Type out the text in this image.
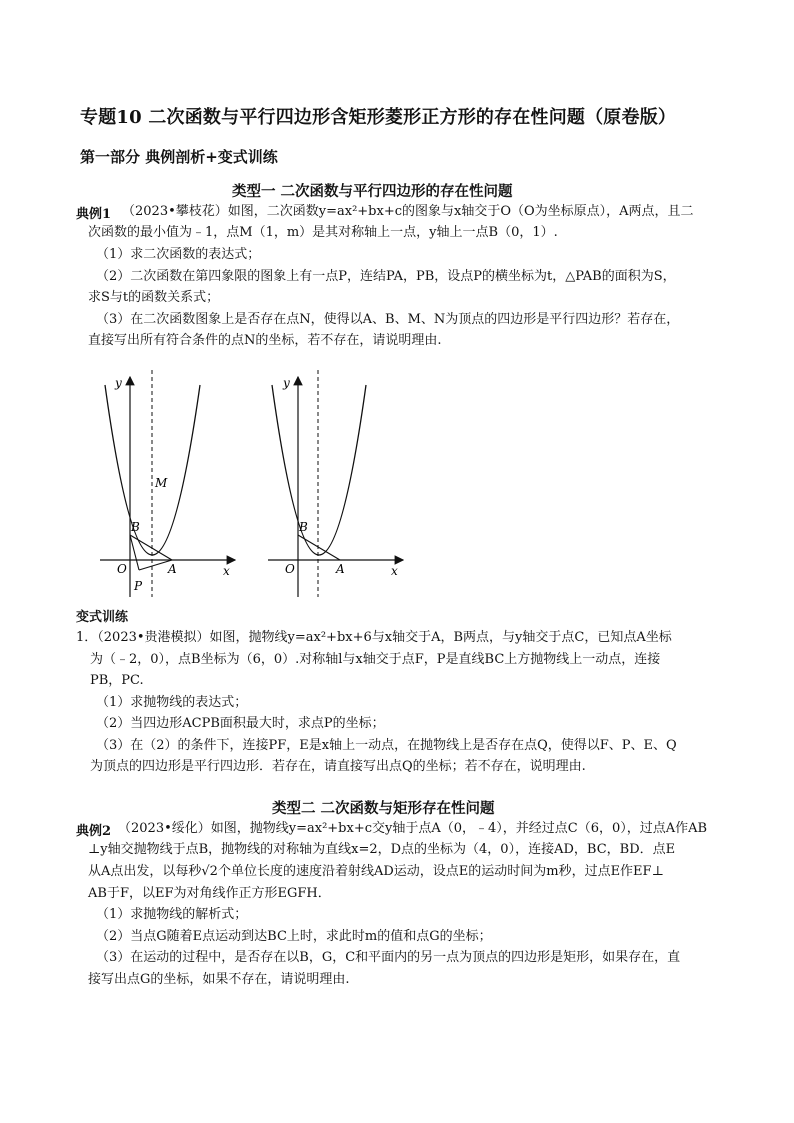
专题10 二次函数与平行四边形含矩形菱形正方形的存在性问题（原卷版）
第一部分 典例剖析+变式训练
类型一 二次函数与平行四边形的存在性问题
典例1 （2023•攀枝花）如图，二次函数y=ax²+bx+c的图象与x轴交于O（O为坐标原点），A两点，且二
次函数的最小值为﹣1，点M（1，m）是其对称轴上一点，y轴上一点B（0，1）.
（1）求二次函数的表达式；
（2）二次函数在第四象限的图象上有一点P，连结PA，PB，设点P的横坐标为t，△PAB的面积为S，
求S与t的函数关系式；
（3）在二次函数图象上是否存在点N，使得以A、B、M、N为顶点的四边形是平行四边形？若存在，
直接写出所有符合条件的点N的坐标，若不存在，请说明理由.
y
x
O	A
B
M
P
y
x
O	A
B
变式训练
1．（2023•贵港模拟）如图，抛物线y=ax²+bx+6与x轴交于A，B两点，与y轴交于点C，已知点A坐标
为（﹣2，0），点B坐标为（6，0）.对称轴l与x轴交于点F，P是直线BC上方抛物线上一动点，连接
PB，PC.
（1）求抛物线的表达式；
（2）当四边形ACPB面积最大时，求点P的坐标；
（3）在（2）的条件下，连接PF，E是x轴上一动点，在抛物线上是否存在点Q，使得以F、P、E、Q
为顶点的四边形是平行四边形．若存在，请直接写出点Q的坐标；若不存在，说明理由.
类型二 二次函数与矩形存在性问题
典例2 （2023•绥化）如图，抛物线y=ax²+bx+c交y轴于点A（0，﹣4），并经过点C（6，0），过点A作AB
⊥y轴交抛物线于点B，抛物线的对称轴为直线x=2，D点的坐标为（4，0），连接AD，BC，BD．点E
从A点出发，以每秒√2个单位长度的速度沿着射线AD运动，设点E的运动时间为m秒，过点E作EF⊥
AB于F，以EF为对角线作正方形EGFH．
（1）求抛物线的解析式；
（2）当点G随着E点运动到达BC上时，求此时m的值和点G的坐标；
（3）在运动的过程中，是否存在以B，G，C和平面内的另一点为顶点的四边形是矩形，如果存在，直
接写出点G的坐标，如果不存在，请说明理由.
